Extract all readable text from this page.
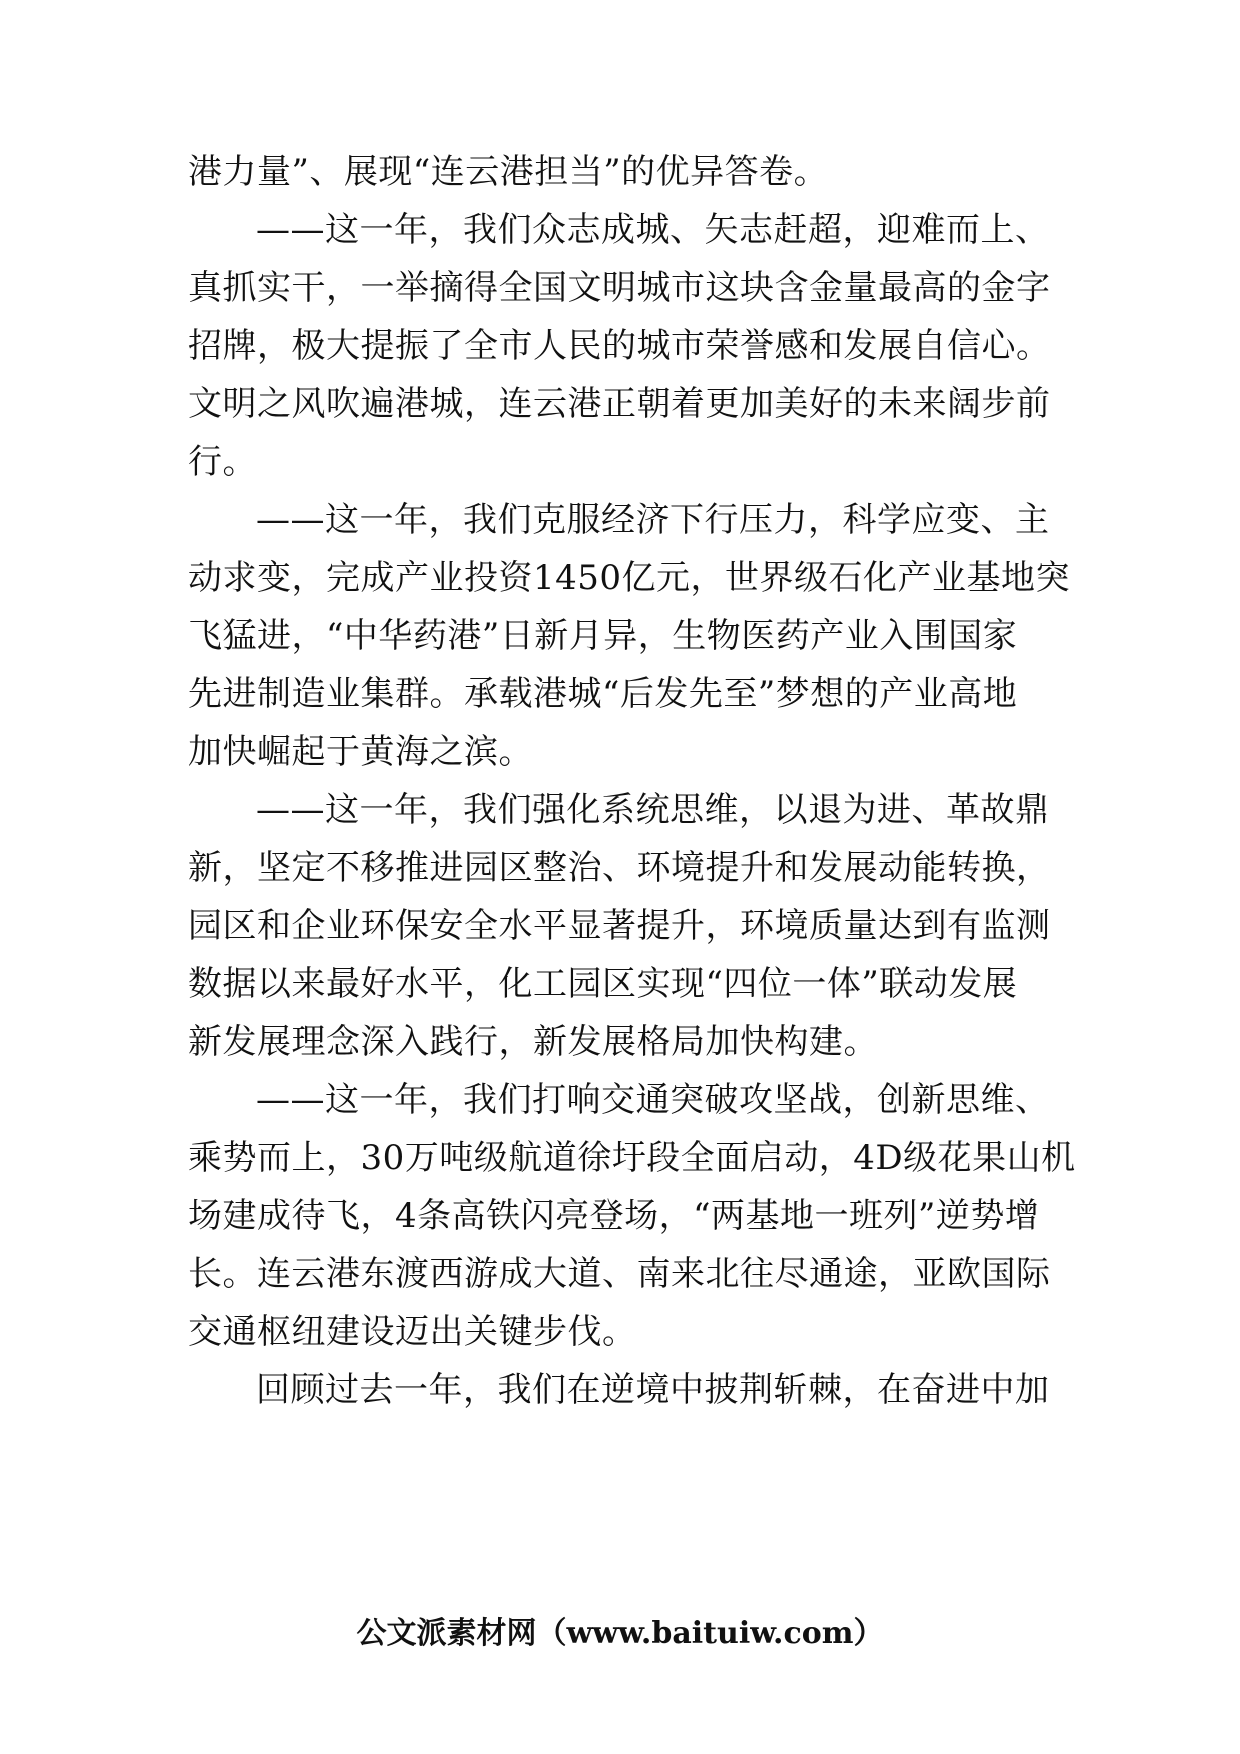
港力量”、展现“连云港担当”的优异答卷。
——这一年，我们众志成城、矢志赶超，迎难而上、
真抓实干，一举摘得全国文明城市这块含金量最高的金字
招牌，极大提振了全市人民的城市荣誉感和发展自信心。
文明之风吹遍港城，连云港正朝着更加美好的未来阔步前
行。
——这一年，我们克服经济下行压力，科学应变、主
动求变，完成产业投资1450亿元，世界级石化产业基地突
飞猛进，“中华药港”日新月异，生物医药产业入围国家
先进制造业集群。承载港城“后发先至”梦想的产业高地
加快崛起于黄海之滨。
——这一年，我们强化系统思维，以退为进、革故鼎
新，坚定不移推进园区整治、环境提升和发展动能转换，
园区和企业环保安全水平显著提升，环境质量达到有监测
数据以来最好水平，化工园区实现“四位一体”联动发展
新发展理念深入践行，新发展格局加快构建。
——这一年，我们打响交通突破攻坚战，创新思维、
乘势而上，30万吨级航道徐圩段全面启动，4D级花果山机
场建成待飞，4条高铁闪亮登场，“两基地一班列”逆势增
长。连云港东渡西游成大道、南来北往尽通途，亚欧国际
交通枢纽建设迈出关键步伐。
回顾过去一年，我们在逆境中披荆斩棘，在奋进中加
公文派素材网（www.baituiw.com）
